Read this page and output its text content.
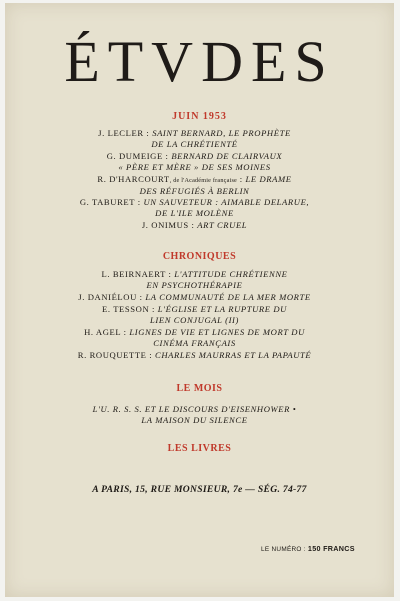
ÉTVDES
JUIN 1953
J. LECLER : SAINT BERNARD, LE PROPHÈTE
DE LA CHRÉTIENTÉ
G. DUMEIGE : BERNARD DE CLAIRVAUX
« PÈRE ET MÈRE » DE SES MOINES
R. D'HARCOURT, de l'Académie française : LE DRAME
DES RÉFUGIÉS À BERLIN
G. TABURET : UN SAUVETEUR : AIMABLE DELARUE,
DE L'ILE MOLÈNE
J. ONIMUS : ART CRUEL
CHRONIQUES
L. BEIRNAERT : L'ATTITUDE CHRÉTIENNE
EN PSYCHOTHÉRAPIE
J. DANIÉLOU : LA COMMUNAUTÉ DE LA MER MORTE
E. TESSON : L'ÉGLISE ET LA RUPTURE DU
LIEN CONJUGAL (II)
H. AGEL : LIGNES DE VIE ET LIGNES DE MORT DU
CINÉMA FRANÇAIS
R. ROUQUETTE : CHARLES MAURRAS ET LA PAPAUTÉ
LE MOIS
L'U. R. S. S. ET LE DISCOURS D'EISENHOWER •
LA MAISON DU SILENCE
LES LIVRES
A PARIS, 15, RUE MONSIEUR, 7e — SÉG. 74-77
LE NUMÉRO : 150 FRANCS
